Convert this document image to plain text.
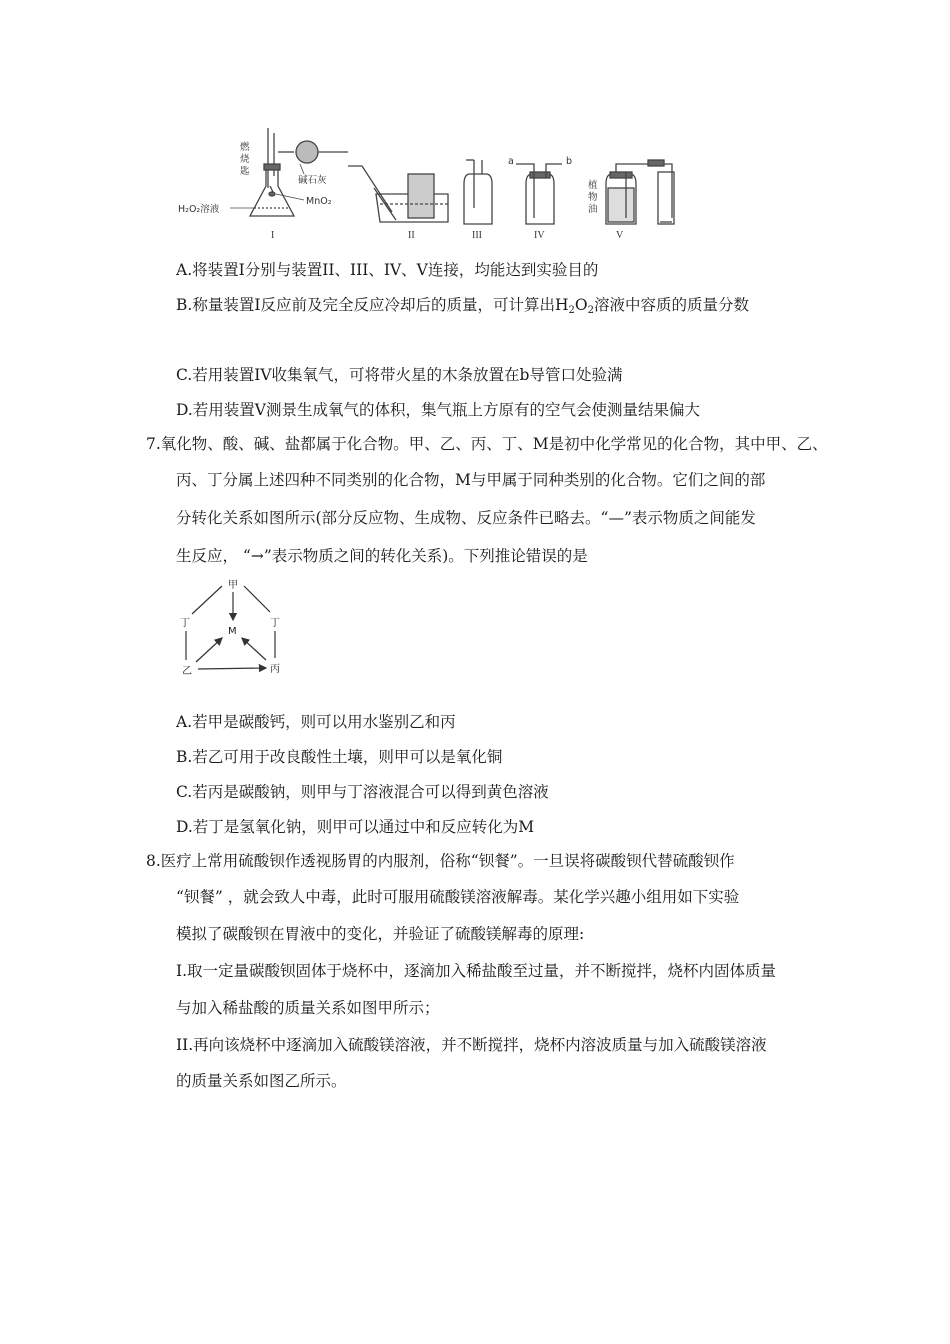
燃
烧
匙
碱石灰
MnO₂
H₂O₂溶液
a	b
植
物
油
I	II	III	IV	V
A.将装置I分别与装置II、III、IV、V连接，均能达到实验目的
B.称量装置I反应前及完全反应冷却后的质量，可计算出$H_2O_2$溶液中容质的质量分数
C.若用装置IV收集氧气，可将带火星的木条放置在b导管口处验满
D.若用装置V测景生成氧气的体积，集气瓶上方原有的空气会使测量结果偏大
7.氧化物、酸、碱、盐都属于化合物。甲、乙、丙、丁、M是初中化学常见的化合物，其中甲、乙、
丙、丁分属上述四种不同类别的化合物，M与甲属于同种类别的化合物。它们之间的部
分转化关系如图所示(部分反应物、生成物、反应条件已略去。“—”表示物质之间能发
生反应， “→”表示物质之间的转化关系)。下列推论错误的是
甲
丁	丁
M
乙	丙
A.若甲是碳酸钙，则可以用水鉴别乙和丙
B.若乙可用于改良酸性土壤，则甲可以是氧化铜
C.若丙是碳酸钠，则甲与丁溶液混合可以得到黄色溶液
D.若丁是氢氧化钠，则甲可以通过中和反应转化为M
8.医疗上常用硫酸钡作透视肠胃的内服剂，俗称“钡餐”。一旦误将碳酸钡代替硫酸钡作
“钡餐” ，就会致人中毒，此时可服用硫酸镁溶液解毒。某化学兴趣小组用如下实验
模拟了碳酸钡在胃液中的变化，并验证了硫酸镁解毒的原理:
I.取一定量碳酸钡固体于烧杯中，逐滴加入稀盐酸至过量，并不断搅拌，烧杯内固体质量
与加入稀盐酸的质量关系如图甲所示；
II.再向该烧杯中逐滴加入硫酸镁溶液，并不断搅拌，烧杯内溶波质量与加入硫酸镁溶液
的质量关系如图乙所示。
